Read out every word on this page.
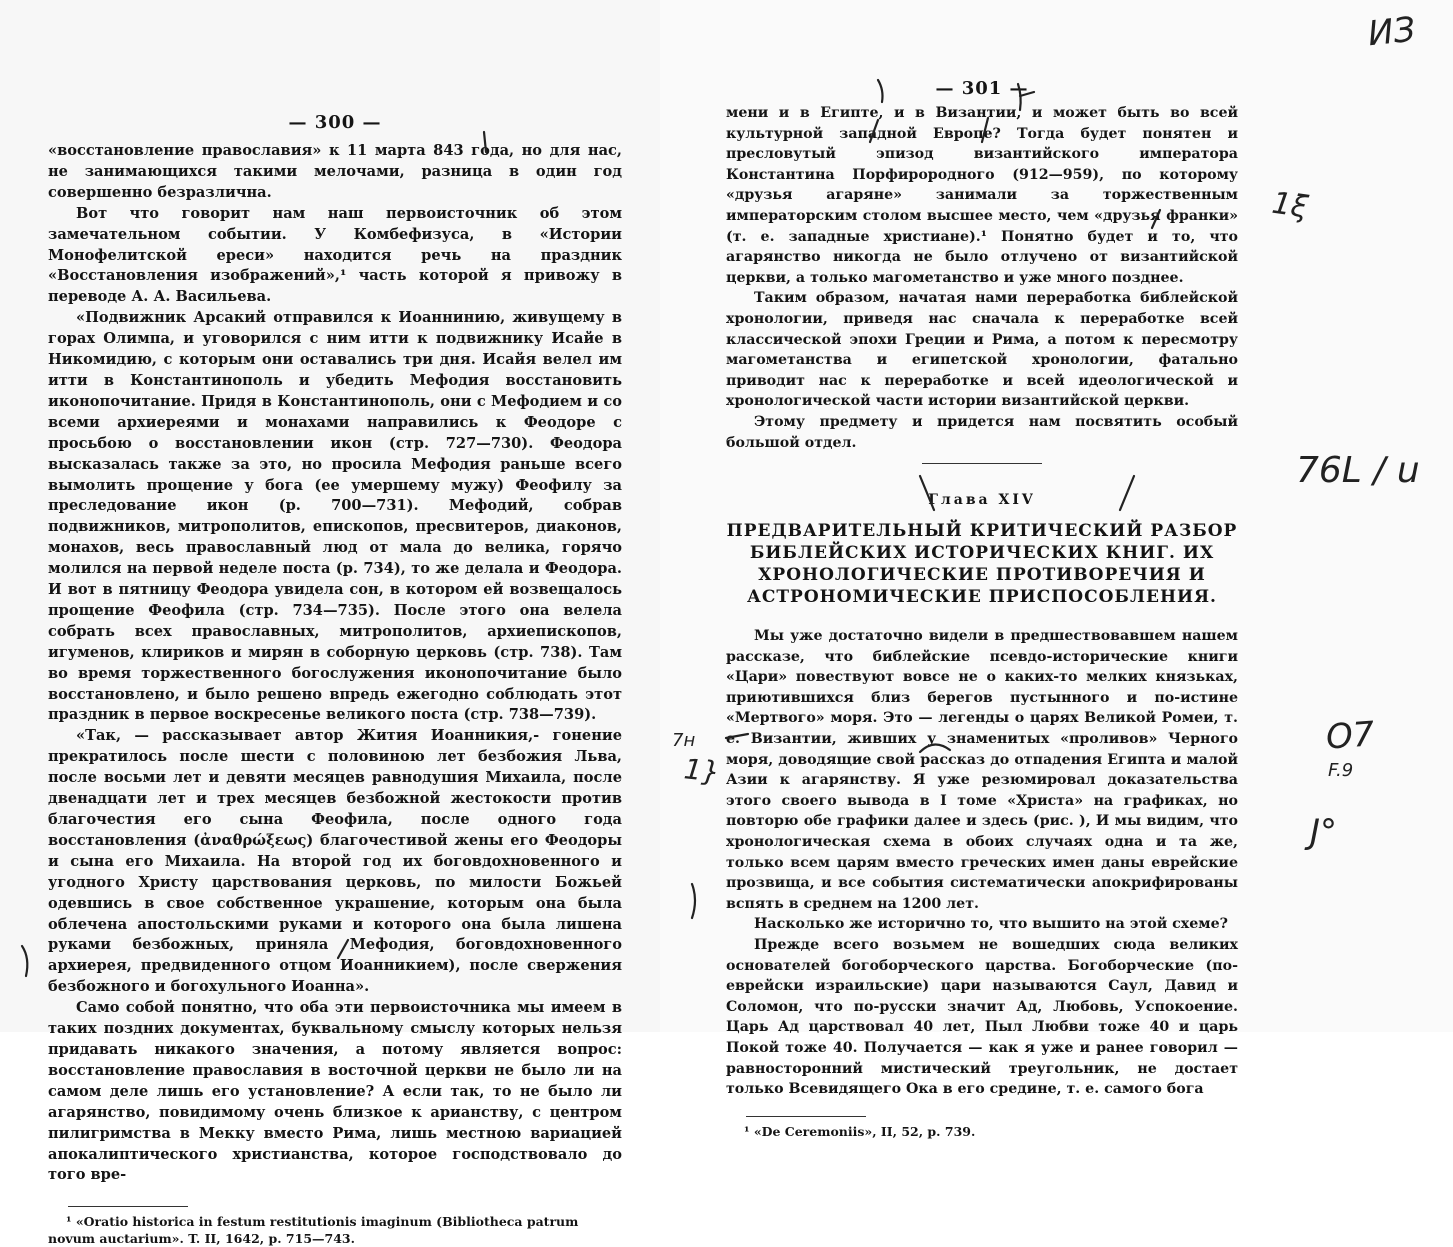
— 300 —

«восстановление православия» к 11 марта 843 года, но для нас, не занимающихся такими мелочами, разница в один год совершенно безразлична.

Вот что говорит нам наш первоисточник об этом замечательном событии. У Комбефизуса, в «Истории Монофелитской ереси» находится речь на праздник «Восстановления изображений»,¹ часть которой я привожу в переводе А. А. Васильева.

«Подвижник Арсакий отправился к Иоаннинию, живущему в горах Олимпа, и уговорился с ним итти к подвижнику Исайе в Никомидию, с которым они оставались три дня. Исайя велел им итти в Константинополь и убедить Мефодия восстановить иконопочитание. Придя в Константинополь, они с Мефодием и со всеми архиереями и монахами направились к Феодоре с просьбою о восстановлении икон (стр. 727—730). Феодора высказалась также за это, но просила Мефодия раньше всего вымолить прощение у бога (ее умершему мужу) Феофилу за преследование икон (р. 700—731). Мефодий, собрав подвижников, митрополитов, епископов, пресвитеров, диаконов, монахов, весь православный люд от мала до велика, горячо молился на первой неделе поста (р. 734), то же делала и Феодора. И вот в пятницу Феодора увидела сон, в котором ей возвещалось прощение Феофила (стр. 734—735). После этого она велела собрать всех православных, митрополитов, архиепископов, игуменов, клириков и мирян в соборную церковь (стр. 738). Там во время торжественного богослужения иконопочитание было восстановлено, и было решено впредь ежегодно соблюдать этот праздник в первое воскресенье великого поста (стр. 738—739).

«Так, — рассказывает автор Жития Иоанникия,- гонение прекратилось после шести с половиною лет безбожия Льва, после восьми лет и девяти месяцев равнодушия Михаила, после двенадцати лет и трех месяцев безбожной жестокости против благочестия его сына Феофила, после одного года восстановления (ἀναθρώξεως) благочестивой жены его Феодоры и сына его Михаила. На второй год их боговдохновенного и угодного Христу царствования церковь, по милости Божьей одевшись в свое собственное украшение, которым она была облечена апостольскими руками и которого она была лишена руками безбожных, приняла Мефодия, боговдохновенного архиерея, предвиденного отцом Иоанникием), после свержения безбожного и богохульного Иоанна».

Само собой понятно, что оба эти первоисточника мы имеем в таких поздних документах, буквальному смыслу которых нельзя придавать никакого значения, а потому является вопрос: восстановление православия в восточной церкви не было ли на самом деле лишь его установление? А если так, то не было ли агарянство, повидимому очень близкое к арианству, с центром пилигримства в Мекку вместо Рима, лишь местною вариацией апокалиптического христианства, которое господствовало до того вре-

¹ «Oratio historica in festum restitutionis imaginum (Bibliotheca patrum novum auctarium». T. II, 1642, p. 715—743.

— 301 —

мени и в Египте, и в Византии, и может быть во всей культурной западной Европе? Тогда будет понятен и пресловутый эпизод византийского императора Константина Порфирородного (912—959), по которому «друзья агаряне» занимали за торжественным императорским столом высшее место, чем «друзья франки» (т. е. западные христиане).¹ Понятно будет и то, что агарянство никогда не было отлучено от византийской церкви, а только магометанство и уже много позднее.

Таким образом, начатая нами переработка библейской хронологии, приведя нас сначала к переработке всей классической эпохи Греции и Рима, а потом к пересмотру магометанства и египетской хронологии, фатально приводит нас к переработке и всей идеологической и хронологической части истории византийской церкви.

Этому предмету и придется нам посвятить особый большой отдел.

Глава XIV
ПРЕДВАРИТЕЛЬНЫЙ КРИТИЧЕСКИЙ РАЗБОР БИБЛЕЙСКИХ ИСТОРИЧЕСКИХ КНИГ. ИХ ХРОНОЛОГИЧЕСКИЕ ПРОТИВОРЕЧИЯ И АСТРОНОМИЧЕСКИЕ ПРИСПОСОБЛЕНИЯ.

Мы уже достаточно видели в предшествовавшем нашем рассказе, что библейские псевдо-исторические книги «Цари» повествуют вовсе не о каких-то мелких князьках, приютившихся близ берегов пустынного и по-истине «Мертвого» моря. Это — легенды о царях Великой Ромеи, т. е. Византии, живших у знаменитых «проливов» Черного моря, доводящие свой рассказ до отпадения Египта и малой Азии к агарянству. Я уже резюмировал доказательства этого своего вывода в I томе «Христа» на графиках, но повторю обе графики далее и здесь (рис. ), И мы видим, что хронологическая схема в обоих случаях одна и та же, только всем царям вместо греческих имен даны еврейские прозвища, и все события систематически апокрифированы вспять в среднем на 1200 лет.

Насколько же исторично то, что вышито на этой схеме?

Прежде всего возьмем не вошедших сюда великих основателей богоборческого царства. Богоборческие (по-еврейски израильские) цари называются Саул, Давид и Соломон, что по-русски значит Ад, Любовь, Успокоение. Царь Ад царствовал 40 лет, Пыл Любви тоже 40 и царь Покой тоже 40. Получается — как я уже и ранее говорил — равносторонний мистический треугольник, не достает только Всевидящего Ока в его средине, т. е. самого бога

¹ «De Ceremoniis», II, 52, p. 739.

ИЗ
1ξ
76L / u
O7
F.9
J°
7н
1}
